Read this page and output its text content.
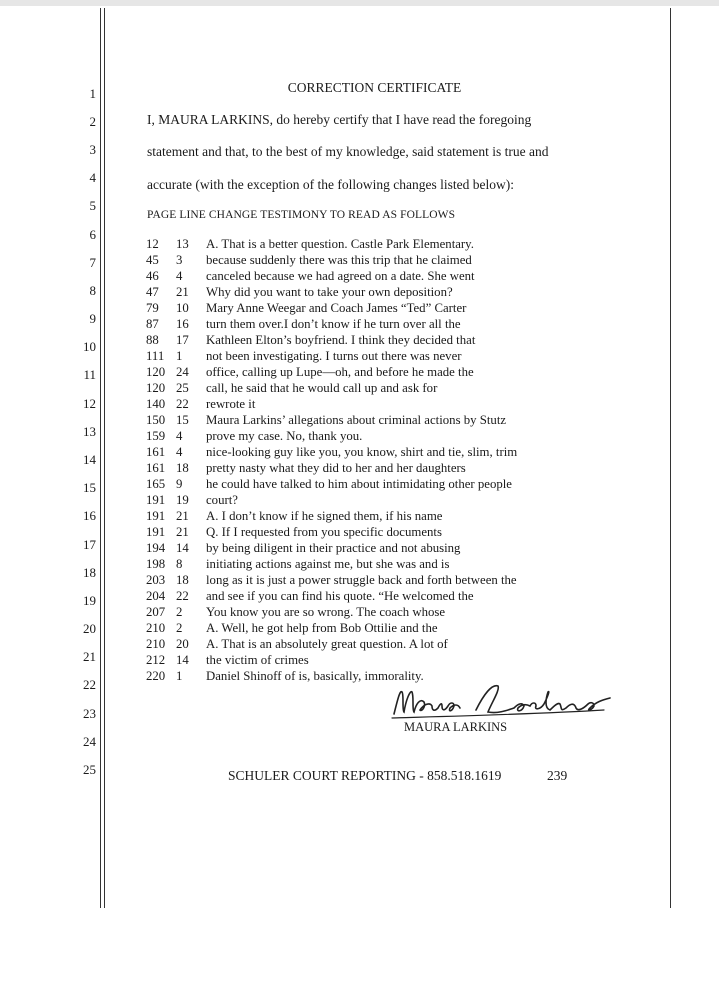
1
2
3
4
5
6
7
8
9
10
11
12
13
14
15
16
17
18
19
20
21
22
23
24
25
CORRECTION CERTIFICATE
I, MAURA LARKINS, do hereby certify that I have read the foregoing
statement and that, to the best of my knowledge, said statement is true and
accurate (with the exception of the following changes listed below):
PAGE LINE CHANGE TESTIMONY TO READ AS FOLLOWS
12 13 A. That is a better question. Castle Park Elementary.
45 3 because suddenly there was this trip that he claimed
46 4 canceled because we had agreed on a date. She went
47 21 Why did you want to take your own deposition?
79 10 Mary Anne Weegar and Coach James “Ted” Carter
87 16 turn them over.I don’t know if he turn over all the
88 17 Kathleen Elton’s boyfriend. I think they decided that
111 1 not been investigating. I turns out there was never
120 24 office, calling up Lupe—oh, and before he made the
120 25 call, he said that he would call up and ask for
140 22 rewrote it
150 15 Maura Larkins’ allegations about criminal actions by Stutz
159 4 prove my case. No, thank you.
161 4 nice-looking guy like you, you know, shirt and tie, slim, trim
161 18 pretty nasty what they did to her and her daughters
165 9 he could have talked to him about intimidating other people
191 19 court?
191 21 A. I don’t know if he signed them, if his name
191 21 Q. If I requested from you specific documents
194 14 by being diligent in their practice and not abusing
198 8 initiating actions against me, but she was and is
203 18 long as it is just a power struggle back and forth between the
204 22 and see if you can find his quote. “He welcomed the
207 2 You know you are so wrong. The coach whose
210 2 A. Well, he got help from Bob Ottilie and the
210 20 A. That is an absolutely great question. A lot of
212 14 the victim of crimes
220 1 Daniel Shinoff of is, basically, immorality.
MAURA LARKINS
SCHULER COURT REPORTING - 858.518.1619	239
